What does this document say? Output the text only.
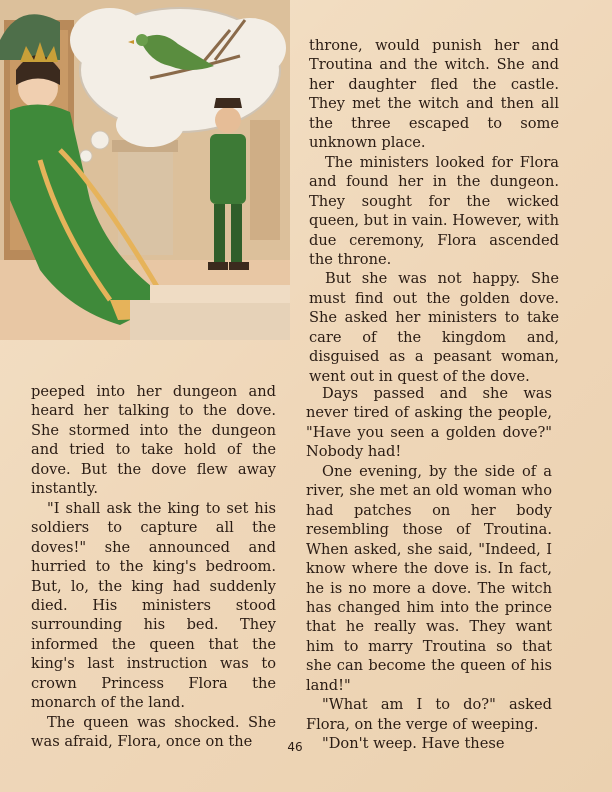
throne, would punish her and Troutina and the witch. She and her daughter fled the castle. They met the witch and then all the three escaped to some unknown place.

The ministers looked for Flora and found her in the dungeon. They sought for the wicked queen, but in vain. However, with due ceremony, Flora ascended the throne.

But she was not happy. She must find out the golden dove. She asked her ministers to take care of the kingdom and, disguised as a peasant woman, went out in quest of the dove.

peeped into her dungeon and heard her talking to the dove. She stormed into the dungeon and tried to take hold of the dove. But the dove flew away instantly.

"I shall ask the king to set his soldiers to capture all the doves!" she announced and hurried to the king's bedroom. But, lo, the king had suddenly died. His ministers stood surrounding his bed. They informed the queen that the king's last instruction was to crown Princess Flora the monarch of the land.

The queen was shocked. She was afraid, Flora, once on the

Days passed and she was never tired of asking the people, "Have you seen a golden dove?" Nobody had!

One evening, by the side of a river, she met an old woman who had patches on her body resembling those of Troutina. When asked, she said, "Indeed, I know where the dove is. In fact, he is no more a dove. The witch has changed him into the prince that he really was. They want him to marry Troutina so that she can become the queen of his land!"

"What am I to do?" asked Flora, on the verge of weeping.

"Don't weep. Have these

46
